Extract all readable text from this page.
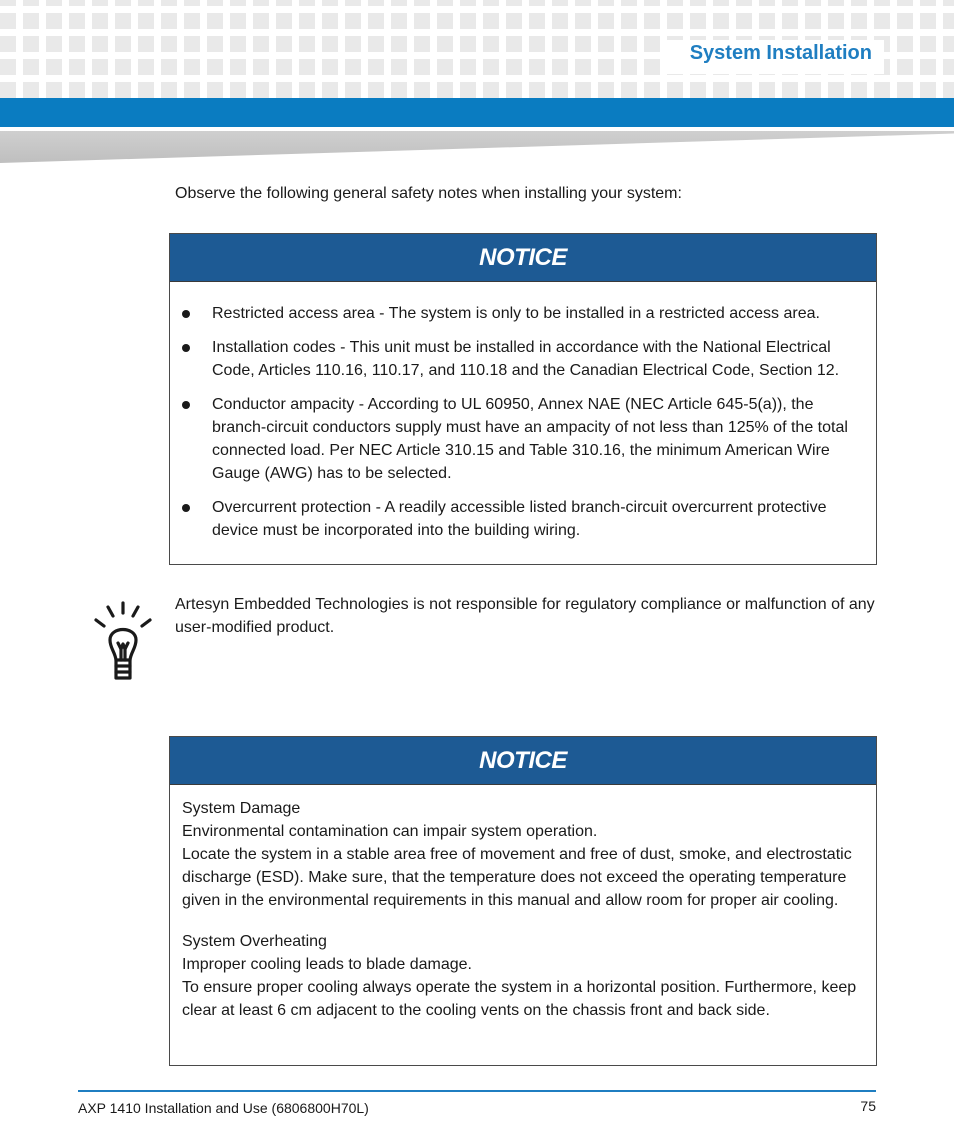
System Installation
Observe the following general safety notes when installing your system:
NOTICE
Restricted access area - The system is only to be installed in a restricted access area.
Installation codes - This unit must be installed in accordance with the National Electrical Code, Articles 110.16, 110.17, and 110.18 and the Canadian Electrical Code, Section 12.
Conductor ampacity - According to UL 60950, Annex NAE (NEC Article 645-5(a)), the branch-circuit conductors supply must have an ampacity of not less than 125% of the total connected load. Per NEC Article 310.15 and Table 310.16, the minimum American Wire Gauge (AWG) has to be selected.
Overcurrent protection - A readily accessible listed branch-circuit overcurrent protective device must be incorporated into the building wiring.
Artesyn Embedded Technologies is not responsible for regulatory compliance or malfunction of any user-modified product.
NOTICE

System Damage
Environmental contamination can impair system operation.
Locate the system in a stable area free of movement and free of dust, smoke, and electrostatic discharge (ESD). Make sure, that the temperature does not exceed the operating temperature given in the environmental requirements in this manual and allow room for proper air cooling.

System Overheating
Improper cooling leads to blade damage.
To ensure proper cooling always operate the system in a horizontal position. Furthermore, keep clear at least 6 cm adjacent to the cooling vents on the chassis front and back side.

AXP 1410 Installation and Use (6806800H70L)	75
